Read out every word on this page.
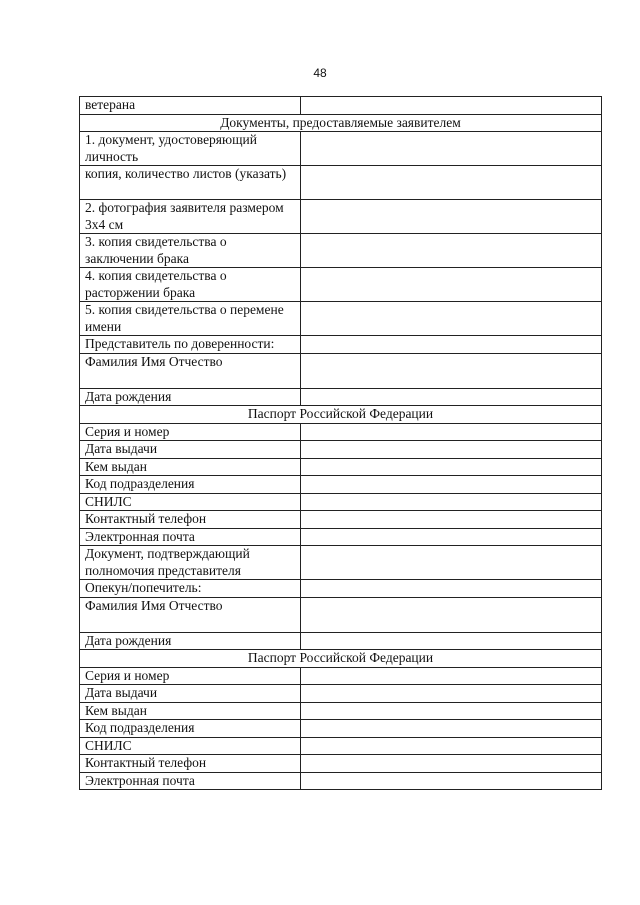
48
ветерана	
Документы, предоставляемые заявителем	
1. документ, удостоверяющий личность	
копия, количество листов (указать)	
2. фотография заявителя размером 3х4 см	
3. копия свидетельства о заключении брака	
4. копия свидетельства о расторжении брака	
5. копия свидетельства о перемене имени	
Представитель по доверенности:	
Фамилия Имя Отчество	
Дата рождения	
Паспорт Российской Федерации	
Серия и номер	
Дата выдачи	
Кем выдан	
Код подразделения	
СНИЛС	
Контактный телефон	
Электронная почта	
Документ, подтверждающий полномочия представителя	
Опекун/попечитель:	
Фамилия Имя Отчество	
Дата рождения	
Паспорт Российской Федерации	
Серия и номер	
Дата выдачи	
Кем выдан	
Код подразделения	
СНИЛС	
Контактный телефон	
Электронная почта	
